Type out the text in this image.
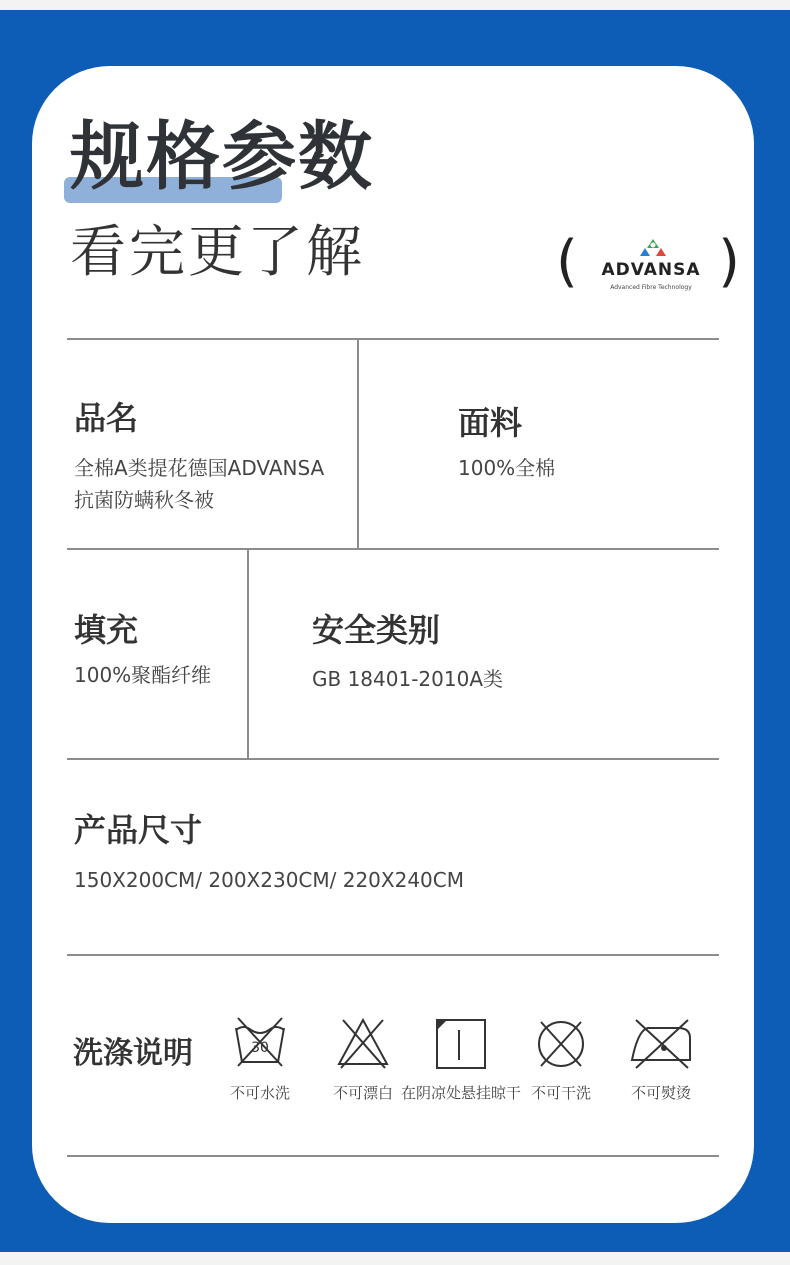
规格参数
看完更了解	(	ADVANSA
Advanced Fibre Technology )

品名

全棉A类提花德国ADVANSA

抗菌防螨秋冬被

面料

100%全棉

填充

100%聚酯纤维

安全类别

GB 18401-2010A类

产品尺寸

150X200CM/ 200X230CM/ 220X240CM

洗涤说明	30
不可水洗	不可漂白 在阴凉处悬挂晾干 不可干洗	不可熨烫
